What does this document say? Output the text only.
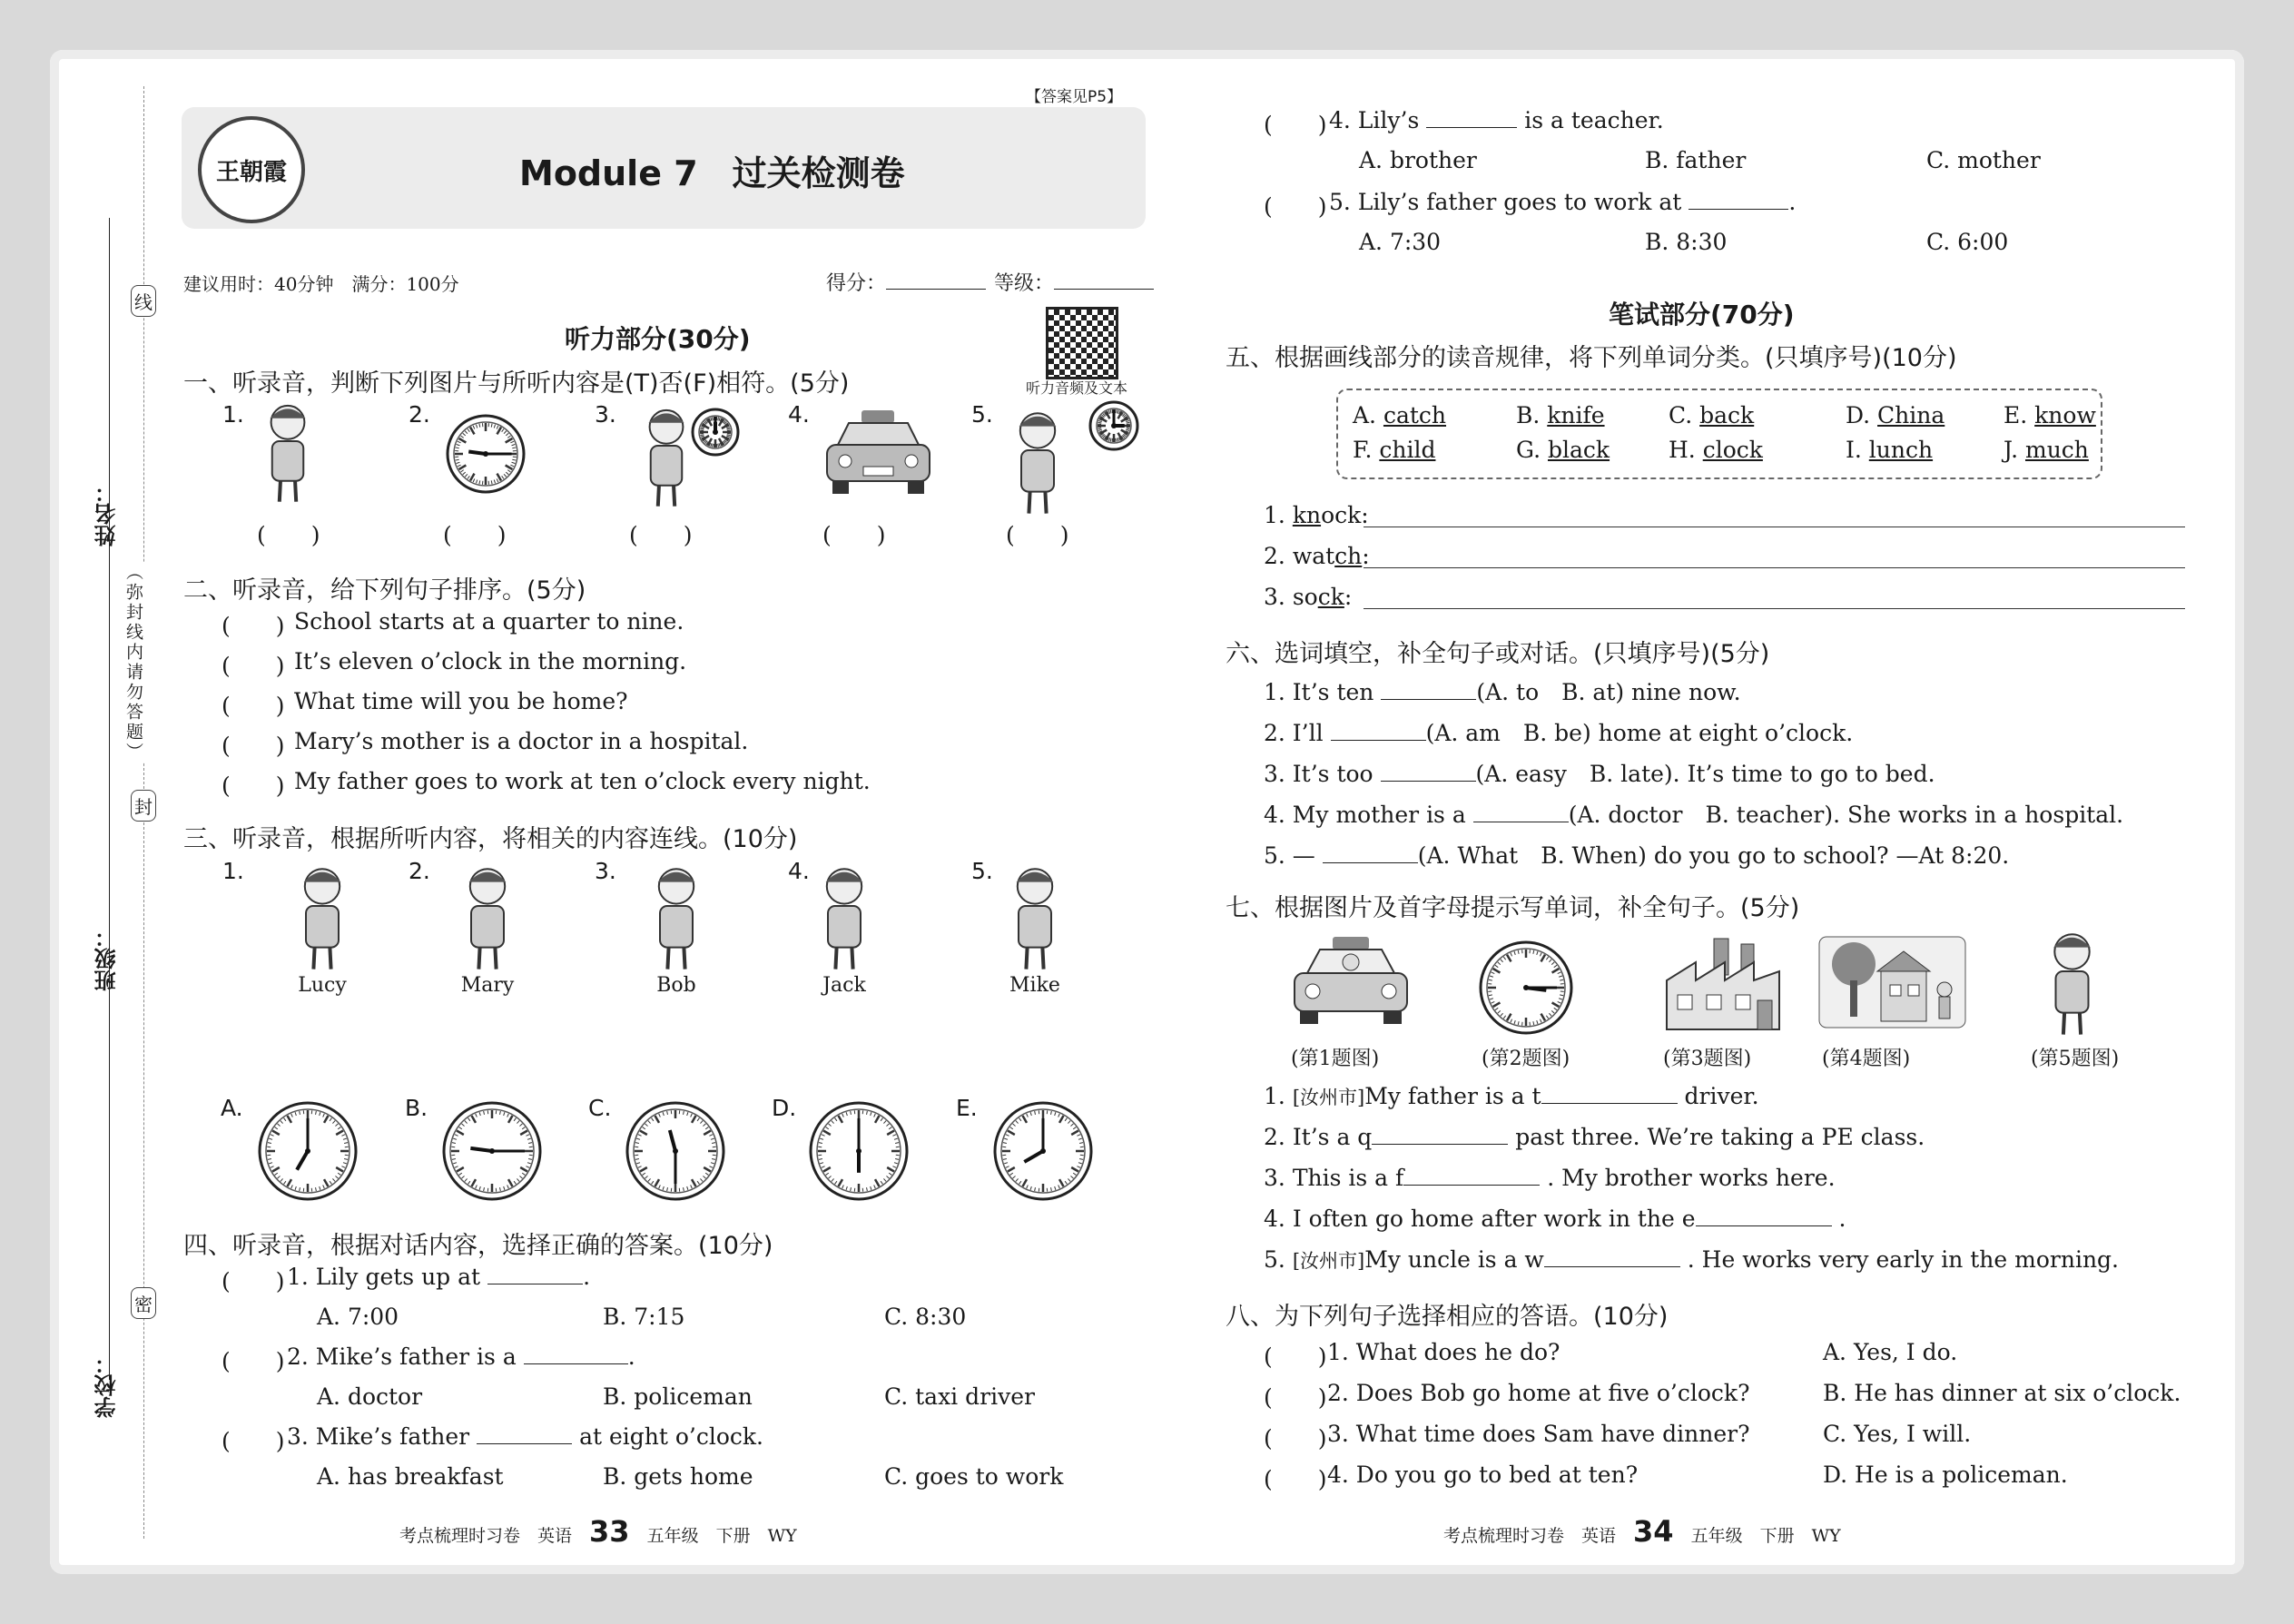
姓名：
班级：
学校：
线
封
密
（弥封线内请勿答题）
王朝霞	Module 7　过关检测卷
【答案见P5】
建议用时：40分钟　满分：100分	得分：	等级：
听力部分(30分)
听力音频及文本
一、听录音，判断下列图片与所听内容是(T)否(F)相符。(5分)
二、听录音，给下列句子排序。(5分)
三、听录音，根据所听内容，将相关的内容连线。(10分)
四、听录音，根据对话内容，选择正确的答案。(10分)
考点梳理时习卷　英语　 33　 五年级　下册　WY
笔试部分(70分)
五、根据画线部分的读音规律，将下列单词分类。(只填序号)(10分)
六、选词填空，补全句子或对话。(只填序号)(5分)
七、根据图片及首字母提示写单词，补全句子。(5分)
八、为下列句子选择相应的答语。(10分)
考点梳理时习卷　英语　 34　 五年级　下册　WY
1.
(　　)
2.
(　　)
3.
(　　)
4.
(　　)
5.
(　　)
(　　) School starts at a quarter to nine.
(　　) It’s eleven o’clock in the morning.
(　　) What time will you be home?
(　　) Mary’s mother is a doctor in a hospital.
(　　) My father goes to work at ten o’clock every night.
1.
Lucy
2.
Mary
3.
Bob
4.
Jack
5.
Mike
A.	B.	C.	D.	E.
(　　) 1. Lily gets up at	.
A. 7:00	B. 7:15	C. 8:30
(　　) 2. Mike’s father is a	.
A. doctor	B. policeman	C. taxi driver
(　　) 3. Mike’s father	at eight o’clock.
A. has breakfast	B. gets home	C. goes to work
(　　) 4. Lily’s	is a teacher.
A. brother	B. father	C. mother
(　　) 5. Lily’s father goes to work at	.
A. 7:30	B. 8:30	C. 6:00
A. catch	B. knife	C. back	D. China	E. know
F. child	G. black	H. clock	I. lunch	J. much
1. knock:
2. watch:
3. sock:
1. It’s ten	(A. to　B. at) nine now.
2. I’ll	(A. am　B. be) home at eight o’clock.
3. It’s too	(A. easy　B. late). It’s time to go to bed.
4. My mother is a	(A. doctor　B. teacher). She works in a hospital.
5. —	(A. What　B. When) do you go to school? —At 8:20.
(第1题图)	(第2题图)	(第3题图)	(第4题图)	(第5题图)
1. [汝州市]My father is a t	driver.
2. It’s a q	past three. We’re taking a PE class.
3. This is a f	. My brother works here.
4. I often go home after work in the e	.
5. [汝州市]My uncle is a w	. He works very early in the morning.
(　　) 1. What does he do?	A. Yes, I do.
(　　) 2. Does Bob go home at five o’clock?	B. He has dinner at six o’clock.
(　　) 3. What time does Sam have dinner?	C. Yes, I will.
(　　) 4. Do you go to bed at ten?	D. He is a policeman.
